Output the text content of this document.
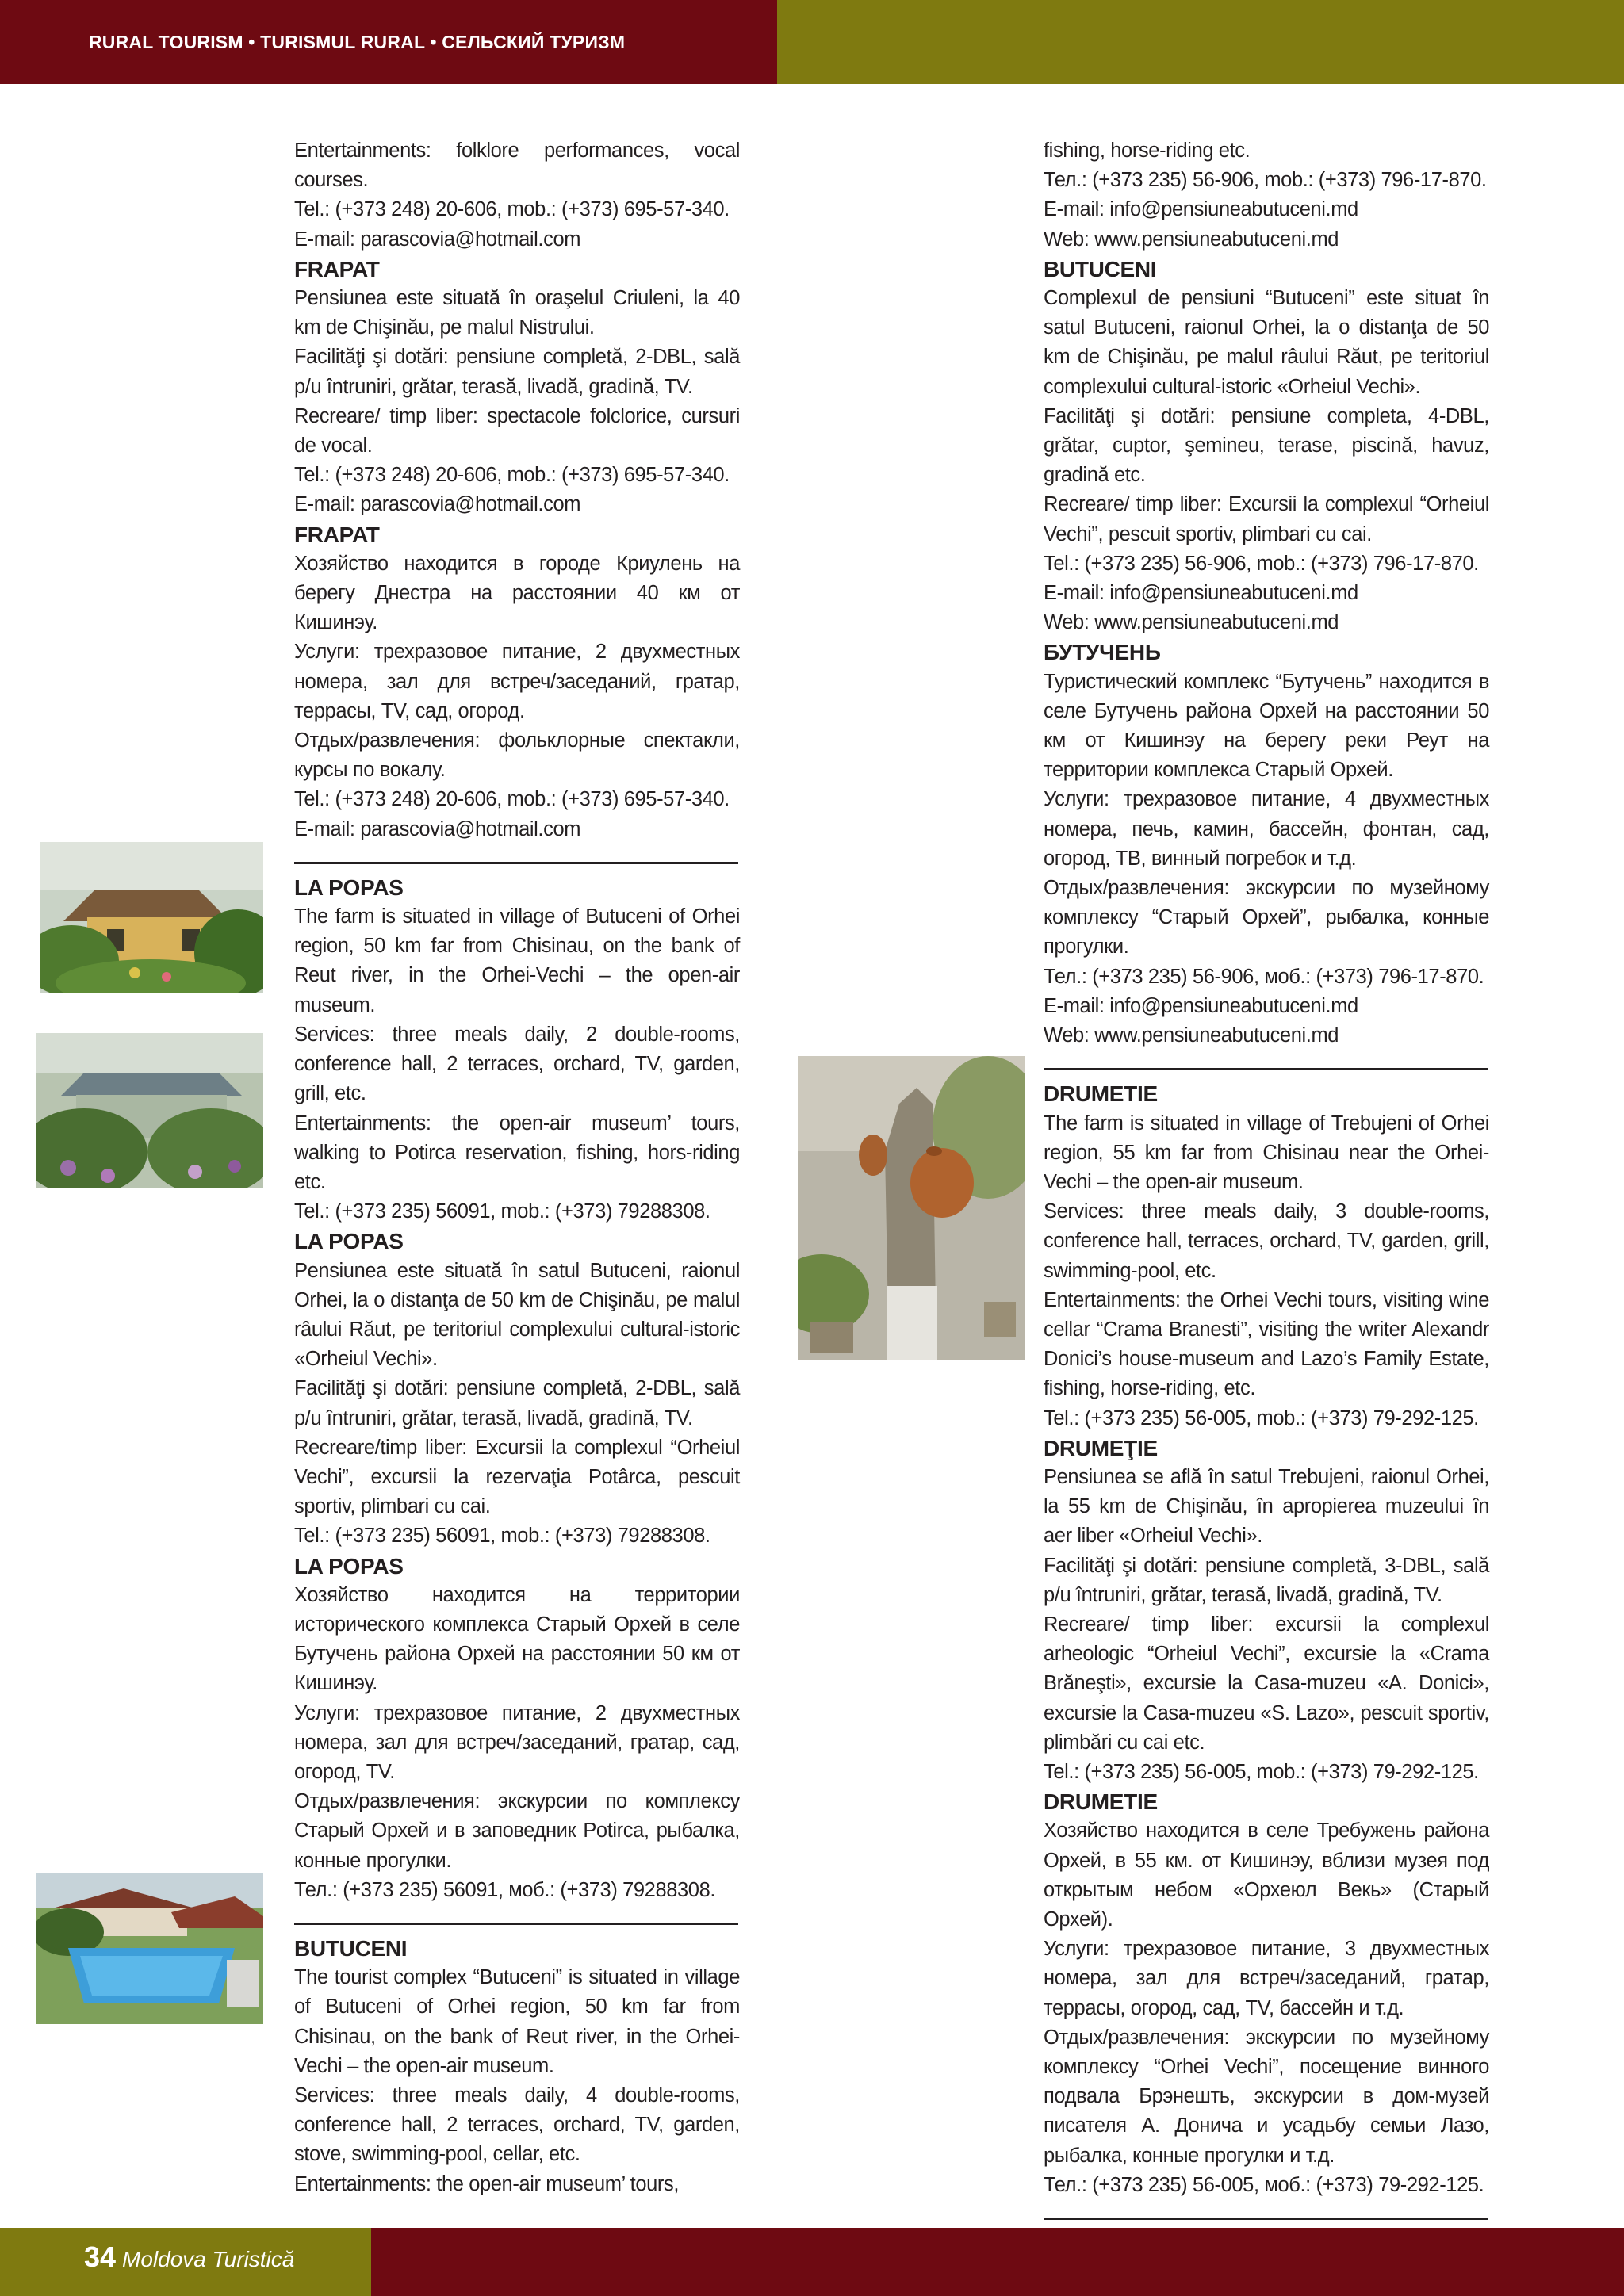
RURAL TOURISM • TURISMUL RURAL • СЕЛЬСКИЙ ТУРИЗМ

Entertainments: folklore performances, vocal courses.

Tel.: (+373 248) 20-606, mob.: (+373) 695-57-340.

E-mail: parascovia@hotmail.com

FRAPAT

Pensiunea este situată în oraşelul Criuleni, la 40 km de Chişinău, pe malul Nistrului.

Facilităţi şi dotări: pensiune completă, 2-DBL, sală p/u întruniri, grătar, terasă, livadă, gradină, TV.

Recreare/ timp liber: spectacole folclorice, cursuri de vocal.

Tel.: (+373 248) 20-606, mob.: (+373) 695-57-340.

E-mail: parascovia@hotmail.com

FRAPAT

Хозяйство находится в городе Криулень на берегу Днестра на расстоянии 40 км от Кишинэу.

Услуги: трехразовое питание, 2 двухместных номера, зал для встреч/заседаний, гратар, террасы, TV, сад, огород.

Отдых/развлечения: фольклорные спектакли, курсы по вокалу.

Tel.: (+373 248) 20-606, mob.: (+373) 695-57-340.

E-mail: parascovia@hotmail.com

LA POPAS

The farm is situated in village of Butuceni of Orhei region, 50 km far from Chisinau, on the bank of Reut river, in the Orhei-Vechi – the open-air museum.

Services: three meals daily, 2 double-rooms, conference hall, 2 terraces, orchard, TV, garden, grill, etc.

Entertainments: the open-air museum’ tours, walking to Potirca reservation, fishing, hors-riding etc.

Tel.: (+373 235) 56091, mob.: (+373) 79288308.

LA POPAS

Pensiunea este situată în satul Butuceni, raionul Orhei, la o distanţa de 50 km de Chişinău, pe malul râului Răut, pe teritoriul complexului cultural-istoric «Orheiul Vechi».

Facilităţi şi dotări: pensiune completă, 2-DBL, sală p/u întruniri, grătar, terasă, livadă, gradină, TV.

Recreare/timp liber: Excursii la complexul “Orheiul Vechi”, excursii la rezervaţia Potârca, pescuit sportiv, plimbari cu cai.

Tel.: (+373 235) 56091, mob.: (+373) 79288308.

LA POPAS

Хозяйство находится на территории исторического комплекса Старый Орхей в селе Бутучень района Орхей на расстоянии 50 км от Кишинэу.

Услуги: трехразовое питание, 2 двухместных номера, зал для встреч/заседаний, гратар, сад, огород, TV.

Отдых/развлечения: экскурсии по комплексу Старый Орхей и в заповедник Potirca, рыбалка, конные прогулки.

Тел.: (+373 235) 56091, моб.: (+373) 79288308.

BUTUCENI

The tourist complex “Butuceni” is situated in village of Butuceni of Orhei region, 50 km far from Chisinau, on the bank of Reut river, in the Orhei-Vechi – the open-air museum.

Services: three meals daily, 4 double-rooms, conference hall, 2 terraces, orchard, TV, garden, stove, swimming-pool, cellar, etc.

Entertainments: the open-air museum’ tours,

fishing, horse-riding etc.

Тел.: (+373 235) 56-906, mob.: (+373) 796-17-870.

E-mail: info@pensiuneabutuceni.md

Web: www.pensiuneabutuceni.md

BUTUCENI

Complexul de pensiuni “Butuceni” este situat în satul Butuceni, raionul Orhei, la o distanţa de 50 km de Chişinău, pe malul râului Răut, pe teritoriul complexului cultural-istoric «Orheiul Vechi».

Facilităţi şi dotări: pensiune completa, 4-DBL, grătar, cuptor, şemineu, terase, piscină, havuz, gradină etc.

Recreare/ timp liber: Excursii la complexul “Orheiul Vechi”, pescuit sportiv, plimbari cu cai.

Tel.: (+373 235) 56-906, mob.: (+373) 796-17-870.

E-mail: info@pensiuneabutuceni.md

Web: www.pensiuneabutuceni.md

БУТУЧЕНЬ

Туристический комплекс “Бутучень” находится в селе Бутучень района Орхей на расстоянии 50 км от Кишинэу на берегу реки Реут на территории комплекса Старый Орхей.

Услуги: трехразовое питание, 4 двухместных номера, печь, камин, бассейн, фонтан, сад, огород, ТВ, винный погребок и т.д.

Отдых/развлечения: экскурсии по музейному комплексу “Старый Орхей”, рыбалка, конные прогулки.

Тел.: (+373 235) 56-906, моб.: (+373) 796-17-870.

E-mail: info@pensiuneabutuceni.md

Web: www.pensiuneabutuceni.md

DRUMETIE

The farm is situated in village of Trebujeni of Orhei region, 55 km far from Chisinau near the Orhei-Vechi – the open-air museum.

Services: three meals daily, 3 double-rooms, conference hall, terraces, orchard, TV, garden, grill, swimming-pool, etc.

Entertainments: the Orhei Vechi tours, visiting wine cellar “Crama Branesti”, visiting the writer Alexandr Donici’s house-museum and Lazo’s Family Estate, fishing, horse-riding, etc.

Tel.: (+373 235) 56-005, mob.: (+373) 79-292-125.

DRUMEŢIE

Pensiunea se află în satul Trebujeni, raionul Orhei, la 55 km de Chişinău, în apropierea muzeului în aer liber «Orheiul Vechi».

Facilităţi şi dotări: pensiune completă, 3-DBL, sală p/u întruniri, grătar, terasă, livadă, gradină, TV.

Recreare/ timp liber: excursii la complexul arheologic “Orheiul Vechi”, excursie la «Crama Brăneşti», excursie la Casa-muzeu «A. Donici», excursie la Casa-muzeu «S. Lazo», pescuit sportiv, plimbări cu cai etc.

Tel.: (+373 235) 56-005, mob.: (+373) 79-292-125.

DRUMETIE

Хозяйство находится в селе Требужень района Орхей, в 55 км. от Кишинэу, вблизи музея под открытым небом «Орхеюл Векь» (Старый Орхей).

Услуги: трехразовое питание, 3 двухместных номера, зал для встреч/заседаний, гратар, террасы, огород, сад, TV, бассейн и т.д.

Отдых/развлечения: экскурсии по музейному комплексу “Orhei Vechi”, посещение винного подвала Брэнешть, экскурсии в дом-музей писателя А. Донича и усадьбу семьи Лазо, рыбалка, конные прогулки и т.д.

Тел.: (+373 235) 56-005, моб.: (+373) 79-292-125.

34 Moldova Turistică
